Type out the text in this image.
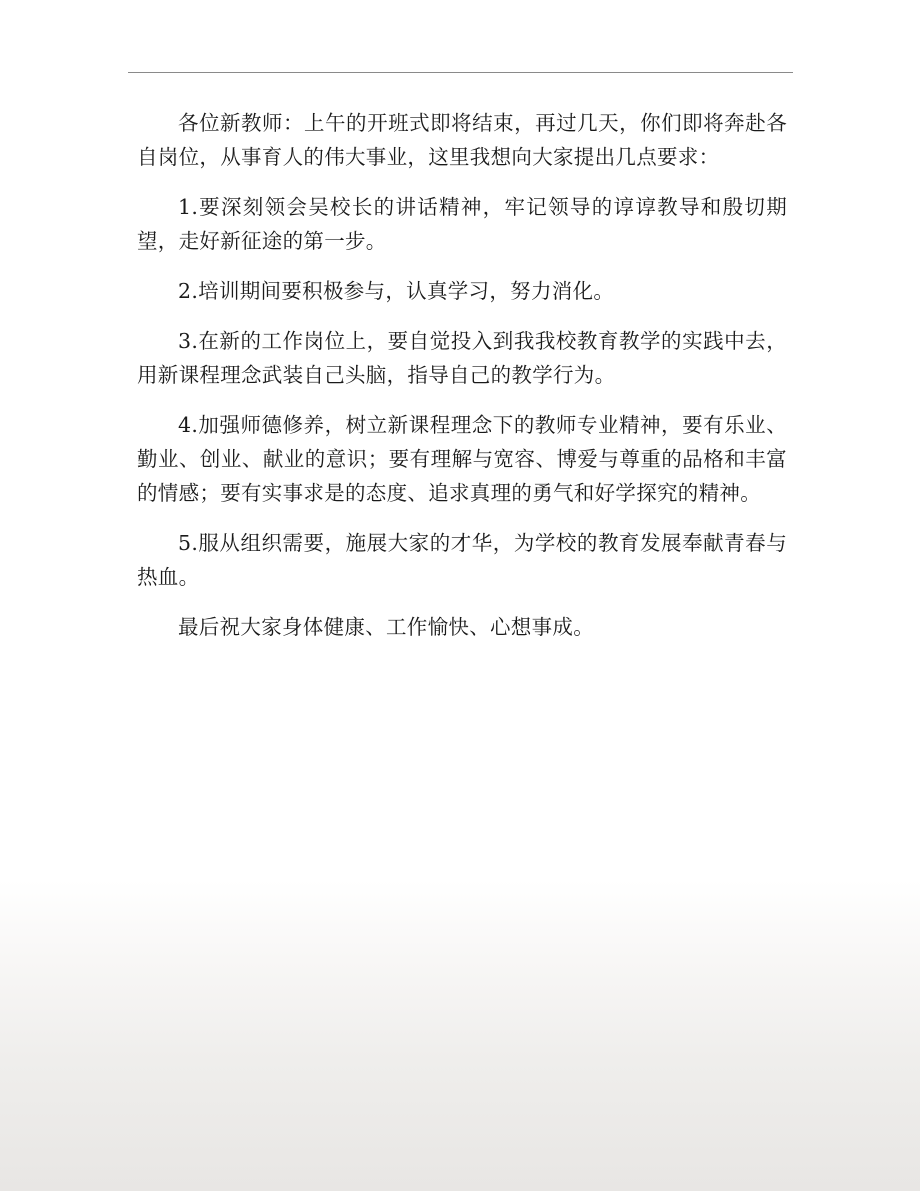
各位新教师：上午的开班式即将结束，再过几天，你们即将奔赴各自岗位，从事育人的伟大事业，这里我想向大家提出几点要求：

1.要深刻领会吴校长的讲话精神，牢记领导的谆谆教导和殷切期望，走好新征途的第一步。

2.培训期间要积极参与，认真学习，努力消化。

3.在新的工作岗位上，要自觉投入到我我校教育教学的实践中去，用新课程理念武装自己头脑，指导自己的教学行为。

4.加强师德修养，树立新课程理念下的教师专业精神，要有乐业、勤业、创业、献业的意识；要有理解与宽容、博爱与尊重的品格和丰富的情感；要有实事求是的态度、追求真理的勇气和好学探究的精神。

5.服从组织需要，施展大家的才华，为学校的教育发展奉献青春与热血。

最后祝大家身体健康、工作愉快、心想事成。
